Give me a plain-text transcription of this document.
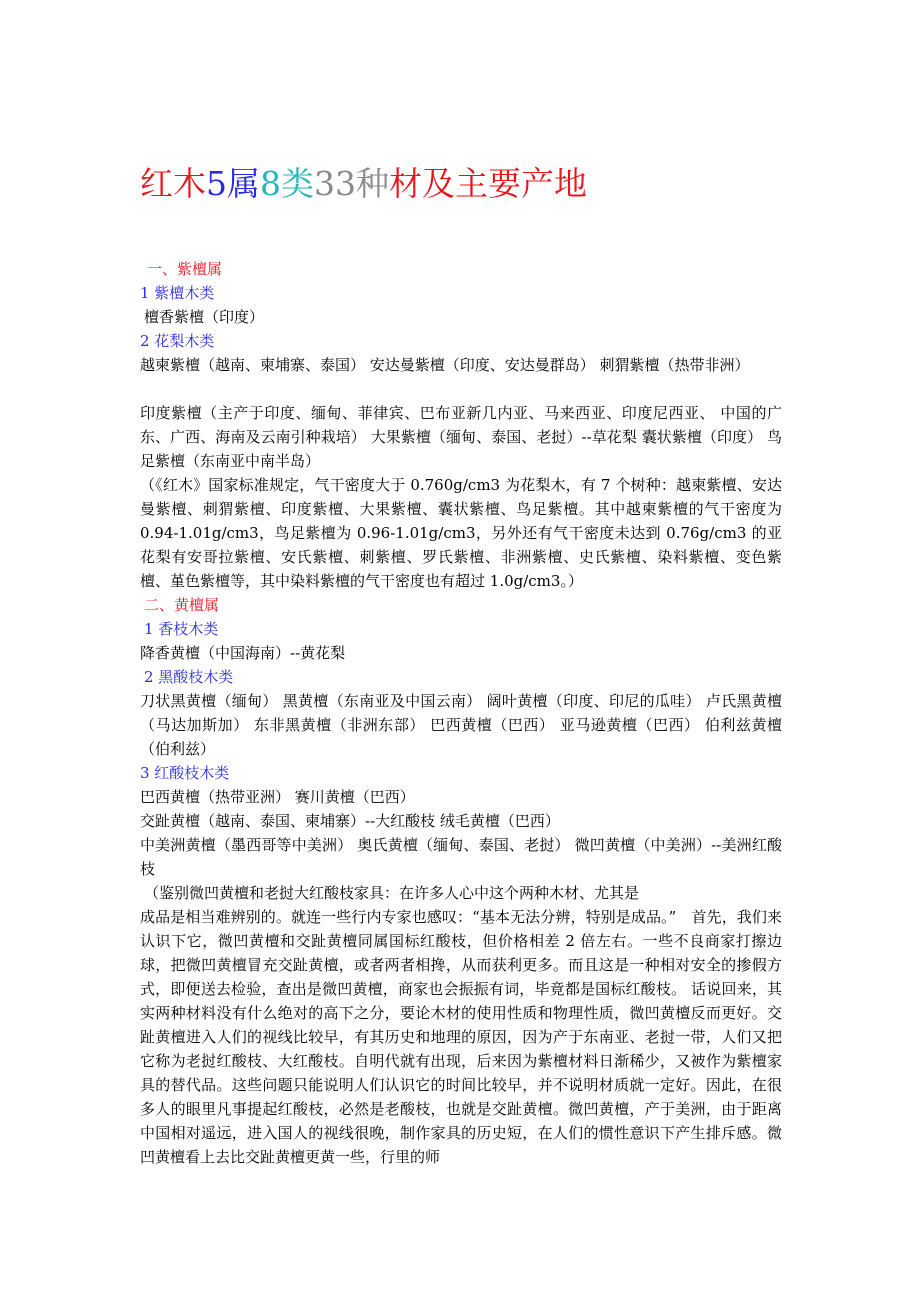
红木5属8类33种材及主要产地
一、紫檀属
1 紫檀木类
檀香紫檀（印度）
2 花梨木类
越柬紫檀（越南、柬埔寨、泰国） 安达曼紫檀（印度、安达曼群岛） 刺猬紫檀（热带非洲）
印度紫檀（主产于印度、缅甸、菲律宾、巴布亚新几内亚、马来西亚、印度尼西亚、 中国的广东、广西、海南及云南引种栽培） 大果紫檀（缅甸、泰国、老挝）--草花梨 囊状紫檀（印度） 鸟足紫檀（东南亚中南半岛）
（《红木》国家标准规定，气干密度大于 0.760g/cm3 为花梨木，有 7 个树种：越柬紫檀、安达曼紫檀、刺猬紫檀、印度紫檀、大果紫檀、囊状紫檀、鸟足紫檀。其中越柬紫檀的气干密度为 0.94-1.01g/cm3，鸟足紫檀为 0.96-1.01g/cm3，另外还有气干密度未达到 0.76g/cm3 的亚花梨有安哥拉紫檀、安氏紫檀、刺紫檀、罗氏紫檀、非洲紫檀、史氏紫檀、染料紫檀、变色紫檀、堇色紫檀等，其中染料紫檀的气干密度也有超过 1.0g/cm3。）
二、黄檀属
1 香枝木类
降香黄檀（中国海南）--黄花梨
2 黑酸枝木类
刀状黑黄檀（缅甸） 黑黄檀（东南亚及中国云南） 阔叶黄檀（印度、印尼的瓜哇） 卢氏黑黄檀（马达加斯加） 东非黑黄檀（非洲东部） 巴西黄檀（巴西） 亚马逊黄檀（巴西） 伯利兹黄檀（伯利兹）
3 红酸枝木类
巴西黄檀（热带亚洲） 赛川黄檀（巴西）
交趾黄檀（越南、泰国、柬埔寨）--大红酸枝 绒毛黄檀（巴西）
中美洲黄檀（墨西哥等中美洲） 奥氏黄檀（缅甸、泰国、老挝） 微凹黄檀（中美洲）--美洲红酸枝
（鉴别微凹黄檀和老挝大红酸枝家具：在许多人心中这个两种木材、尤其是
成品是相当难辨别的。就连一些行内专家也感叹：“基本无法分辨，特别是成品。”　首先，我们来认识下它，微凹黄檀和交趾黄檀同属国标红酸枝，但价格相差 2 倍左右。一些不良商家打擦边球，把微凹黄檀冒充交趾黄檀，或者两者相搀，从而获利更多。而且这是一种相对安全的掺假方式，即便送去检验，查出是微凹黄檀，商家也会振振有词，毕竟都是国标红酸枝。 话说回来，其实两种材料没有什么绝对的高下之分，要论木材的使用性质和物理性质，微凹黄檀反而更好。交趾黄檀进入人们的视线比较早，有其历史和地理的原因，因为产于东南亚、老挝一带，人们又把它称为老挝红酸枝、大红酸枝。自明代就有出现，后来因为紫檀材料日渐稀少，又被作为紫檀家具的替代品。这些问题只能说明人们认识它的时间比较早，并不说明材质就一定好。因此，在很多人的眼里凡事提起红酸枝，必然是老酸枝，也就是交趾黄檀。微凹黄檀，产于美洲，由于距离中国相对遥远，进入国人的视线很晚，制作家具的历史短，在人们的惯性意识下产生排斥感。微凹黄檀看上去比交趾黄檀更黄一些，行里的师
